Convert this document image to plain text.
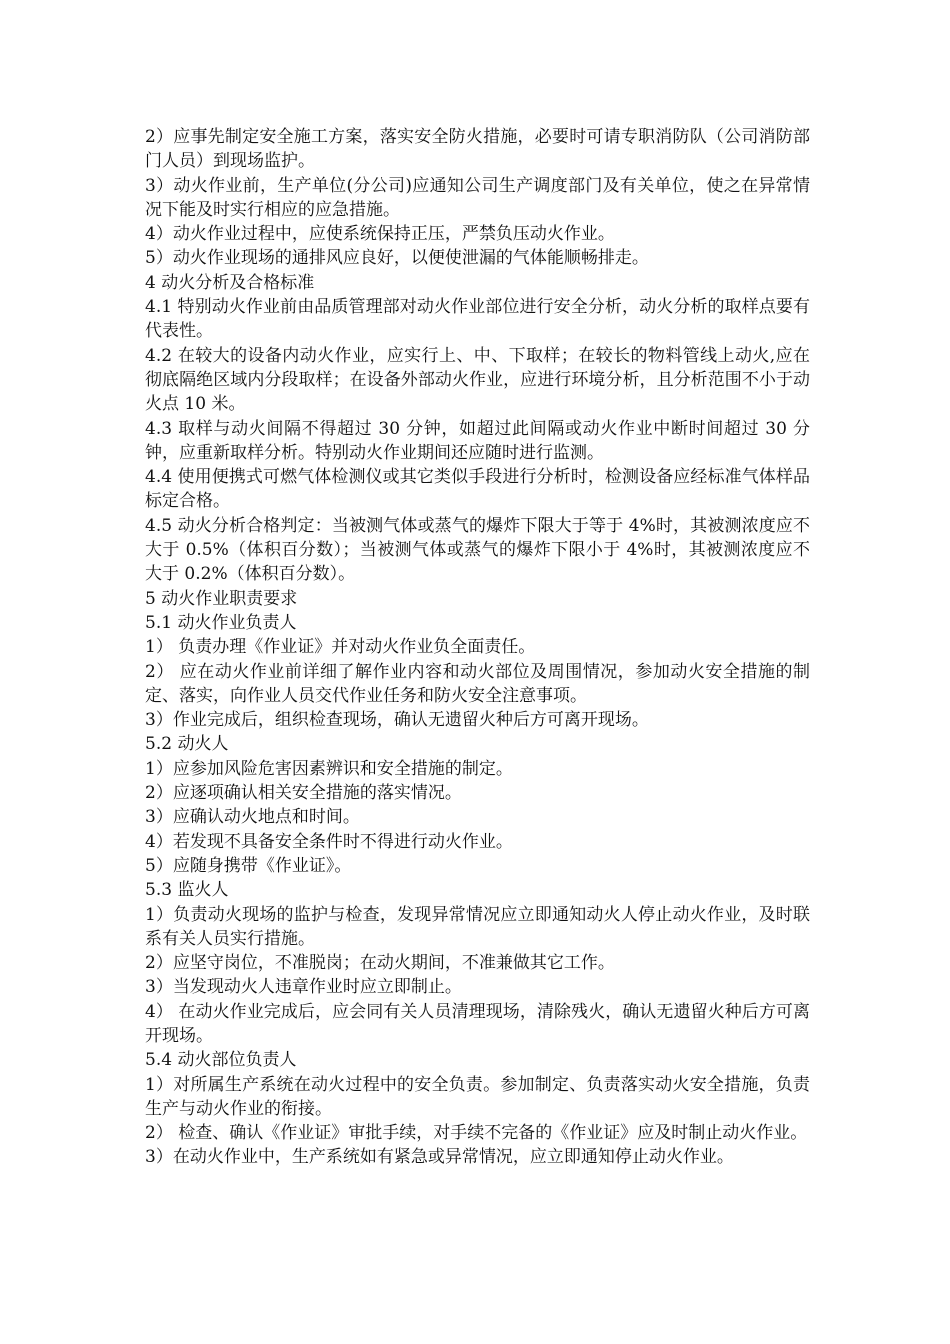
2）应事先制定安全施工方案，落实安全防火措施，必要时可请专职消防队（公司消防部门人员）到现场监护。

3）动火作业前，生产单位(分公司)应通知公司生产调度部门及有关单位，使之在异常情况下能及时实行相应的应急措施。

4）动火作业过程中，应使系统保持正压，严禁负压动火作业。

5）动火作业现场的通排风应良好，以便使泄漏的气体能顺畅排走。

4 动火分析及合格标准

4.1 特别动火作业前由品质管理部对动火作业部位进行安全分析，动火分析的取样点要有代表性。

4.2 在较大的设备内动火作业，应实行上、中、下取样；在较长的物料管线上动火,应在彻底隔绝区域内分段取样；在设备外部动火作业，应进行环境分析，且分析范围不小于动火点 10 米。

4.3 取样与动火间隔不得超过 30 分钟，如超过此间隔或动火作业中断时间超过 30 分钟，应重新取样分析。特别动火作业期间还应随时进行监测。

4.4 使用便携式可燃气体检测仪或其它类似手段进行分析时，检测设备应经标准气体样品标定合格。

4.5 动火分析合格判定：当被测气体或蒸气的爆炸下限大于等于 4%时，其被测浓度应不大于 0.5%（体积百分数）；当被测气体或蒸气的爆炸下限小于 4%时，其被测浓度应不大于 0.2%（体积百分数）。

5 动火作业职责要求

5.1 动火作业负责人

1） 负责办理《作业证》并对动火作业负全面责任。

2） 应在动火作业前详细了解作业内容和动火部位及周围情况，参加动火安全措施的制定、落实，向作业人员交代作业任务和防火安全注意事项。

3）作业完成后，组织检查现场，确认无遗留火种后方可离开现场。

5.2 动火人

1）应参加风险危害因素辨识和安全措施的制定。

2）应逐项确认相关安全措施的落实情况。

3）应确认动火地点和时间。

4）若发现不具备安全条件时不得进行动火作业。

5）应随身携带《作业证》。

5.3 监火人

1）负责动火现场的监护与检查，发现异常情况应立即通知动火人停止动火作业，及时联系有关人员实行措施。

2）应坚守岗位，不准脱岗；在动火期间，不准兼做其它工作。

3）当发现动火人违章作业时应立即制止。

4） 在动火作业完成后，应会同有关人员清理现场，清除残火，确认无遗留火种后方可离开现场。

5.4 动火部位负责人

1）对所属生产系统在动火过程中的安全负责。参加制定、负责落实动火安全措施，负责生产与动火作业的衔接。

2） 检查、确认《作业证》审批手续，对手续不完备的《作业证》应及时制止动火作业。

3）在动火作业中，生产系统如有紧急或异常情况，应立即通知停止动火作业。
